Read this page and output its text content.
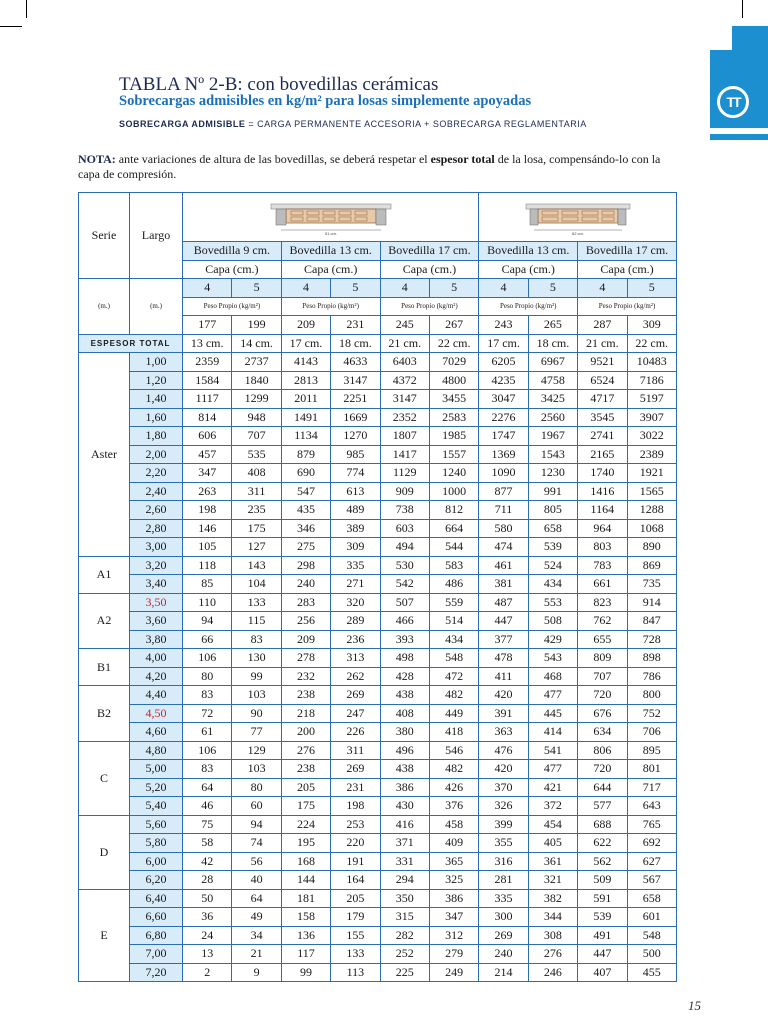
TT
TABLA Nº 2-B: con bovedillas cerámicas
Sobrecargas admisibles en kg/m² para losas simplemente apoyadas
SOBRECARGA ADMISIBLE = CARGA PERMANENTE ACCESORIA + SOBRECARGA REGLAMENTARIA
NOTA: ante variaciones de altura de las bovedillas, se deberá respetar el espesor total de la losa, compensándo-lo con la capa de compresión.
Serie	Largo	51 cm.						62 cm.			

		Bovedilla 9 cm.		Bovedilla 13 cm.		Bovedilla 17 cm.		Bovedilla 13 cm.		Bovedilla 17 cm.	
		Capa (cm.)		Capa (cm.)		Capa (cm.)		Capa (cm.)		Capa (cm.)	
(m.)	(m.)	4	5	4	5	4	5	4	5	4	5
		Peso Propio (kg/m²)		Peso Propio (kg/m²)		Peso Propio (kg/m²)		Peso Propio (kg/m²)		Peso Propio (kg/m²)	
		177	199	209	231	245	267	243	265	287	309
ESPESOR TOTAL		13 cm.	14 cm.	17 cm.	18 cm.	21 cm.	22 cm.	17 cm.	18 cm.	21 cm.	22 cm.
Aster	1,00	2359	2737	4143	4633	6403	7029	6205	6967	9521	10483
	1,20	1584	1840	2813	3147	4372	4800	4235	4758	6524	7186
	1,40	1117	1299	2011	2251	3147	3455	3047	3425	4717	5197
	1,60	814	948	1491	1669	2352	2583	2276	2560	3545	3907
	1,80	606	707	1134	1270	1807	1985	1747	1967	2741	3022
	2,00	457	535	879	985	1417	1557	1369	1543	2165	2389
	2,20	347	408	690	774	1129	1240	1090	1230	1740	1921
	2,40	263	311	547	613	909	1000	877	991	1416	1565
	2,60	198	235	435	489	738	812	711	805	1164	1288
	2,80	146	175	346	389	603	664	580	658	964	1068
	3,00	105	127	275	309	494	544	474	539	803	890
A1	3,20	118	143	298	335	530	583	461	524	783	869
	3,40	85	104	240	271	542	486	381	434	661	735
A2	3,50	110	133	283	320	507	559	487	553	823	914
	3,60	94	115	256	289	466	514	447	508	762	847
	3,80	66	83	209	236	393	434	377	429	655	728
B1	4,00	106	130	278	313	498	548	478	543	809	898
	4,20	80	99	232	262	428	472	411	468	707	786
B2	4,40	83	103	238	269	438	482	420	477	720	800
	4,50	72	90	218	247	408	449	391	445	676	752
	4,60	61	77	200	226	380	418	363	414	634	706
C	4,80	106	129	276	311	496	546	476	541	806	895
	5,00	83	103	238	269	438	482	420	477	720	801
	5,20	64	80	205	231	386	426	370	421	644	717
	5,40	46	60	175	198	430	376	326	372	577	643
D	5,60	75	94	224	253	416	458	399	454	688	765
	5,80	58	74	195	220	371	409	355	405	622	692
	6,00	42	56	168	191	331	365	316	361	562	627
	6,20	28	40	144	164	294	325	281	321	509	567
E	6,40	50	64	181	205	350	386	335	382	591	658
	6,60	36	49	158	179	315	347	300	344	539	601
	6,80	24	34	136	155	282	312	269	308	491	548
	7,00	13	21	117	133	252	279	240	276	447	500
	7,20	2	9	99	113	225	249	214	246	407	455
15
